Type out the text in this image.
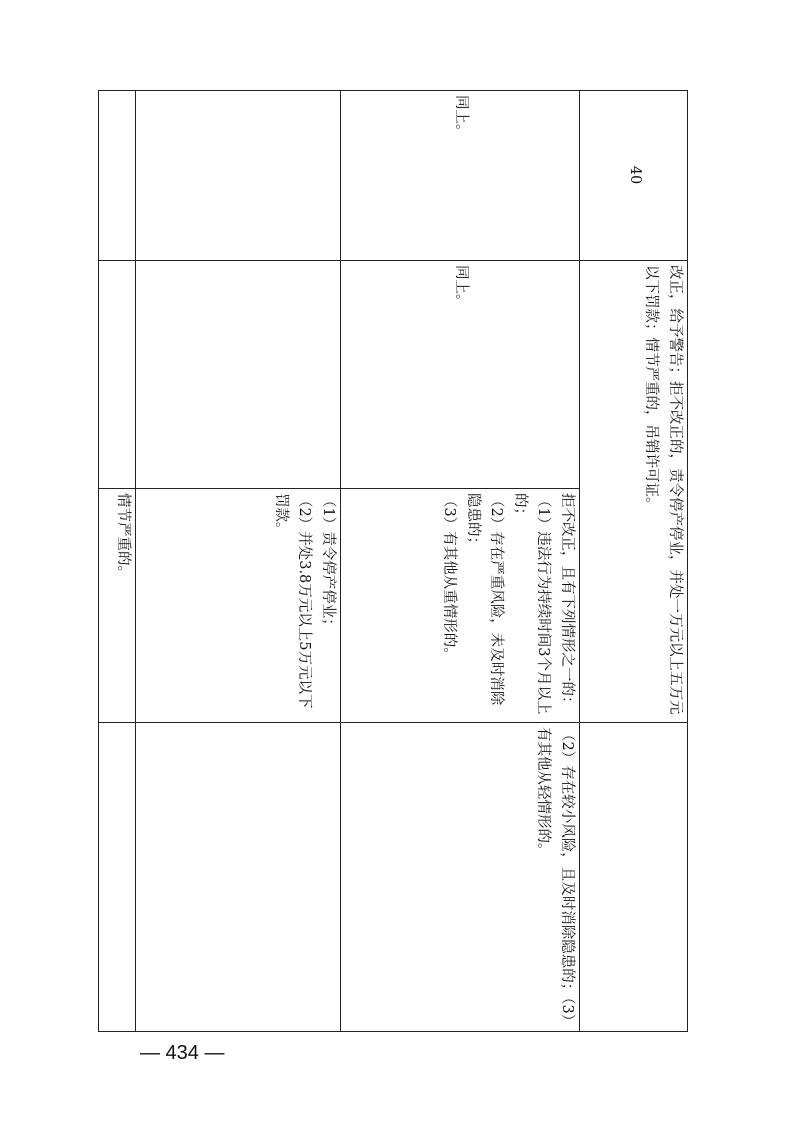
改正，给予警告；拒不改正的，责令停产停业，并处一万元以上五万元以下罚款；情节严重的，吊销许可证。

（2）存在较小风险，且及时消除隐患的；（3）有其他从轻情形的。

40

同上。

同上。

拒不改正，且有下列情形之一的：

（1）违法行为持续时间3个月以上的；

（2）存在严重风险，未及时消除隐患的；

（3）有其他从重情形的。

（1）责令停产停业；

（2）并处3.8万元以上5万元以下罚款。

情节严重的。

— 434 —
